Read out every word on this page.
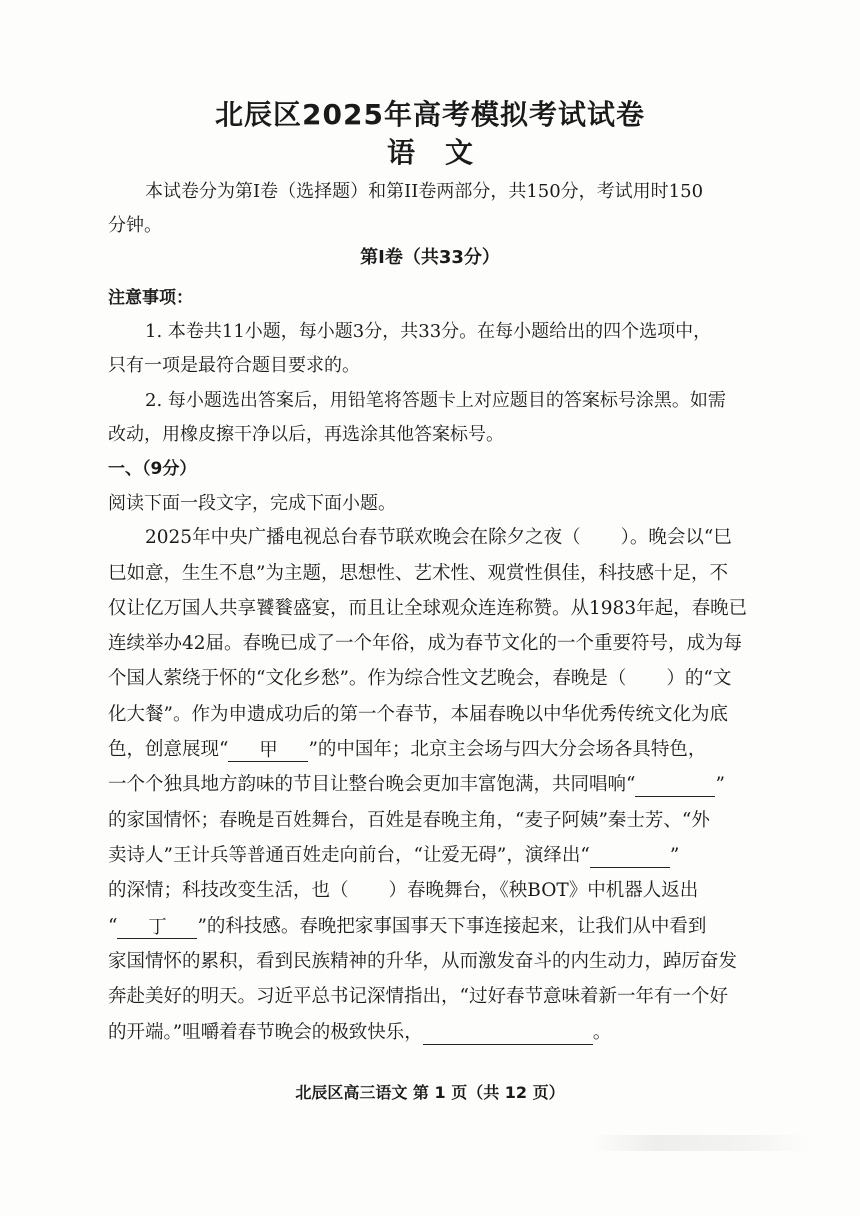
北辰区2025年高考模拟考试试卷
语文
本试卷分为第I卷（选择题）和第II卷两部分，共150分，考试用时150
分钟。
第Ⅰ卷（共33分）
注意事项：
1. 本卷共11小题，每小题3分，共33分。在每小题给出的四个选项中，
只有一项是最符合题目要求的。
2. 每小题选出答案后，用铅笔将答题卡上对应题目的答案标号涂黑。如需
改动，用橡皮擦干净以后，再选涂其他答案标号。
一、（9分）
阅读下面一段文字，完成下面小题。
2025年中央广播电视总台春节联欢晚会在除夕之夜（ ）。晚会以“巳
巳如意，生生不息”为主题，思想性、艺术性、观赏性俱佳，科技感十足，不
仅让亿万国人共享饕餮盛宴，而且让全球观众连连称赞。从1983年起，春晚已
连续举办42届。春晚已成了一个年俗，成为春节文化的一个重要符号，成为每
个国人萦绕于怀的“文化乡愁”。作为综合性文艺晚会，春晚是（ ）的“文
化大餐”。作为申遗成功后的第一个春节，本届春晚以中华优秀传统文化为底
色，创意展现“ 甲 ”的中国年；北京主会场与四大分会场各具特色，
一个个独具地方韵味的节目让整台晚会更加丰富饱满，共同唱响“	”
的家国情怀；春晚是百姓舞台，百姓是春晚主角，“麦子阿姨”秦士芳、“外
卖诗人”王计兵等普通百姓走向前台，“让爱无碍”，演绎出“	”
的深情；科技改变生活，也（ ）春晚舞台，《秧BOT》中机器人返出
“ 丁 ”的科技感。春晚把家事国事天下事连接起来，让我们从中看到
家国情怀的累积，看到民族精神的升华，从而激发奋斗的内生动力，踔厉奋发
奔赴美好的明天。习近平总书记深情指出，“过好春节意味着新一年有一个好
的开端。”咀嚼着春节晚会的极致快乐，	。
北辰区高三语文 第 1 页（共 12 页）
